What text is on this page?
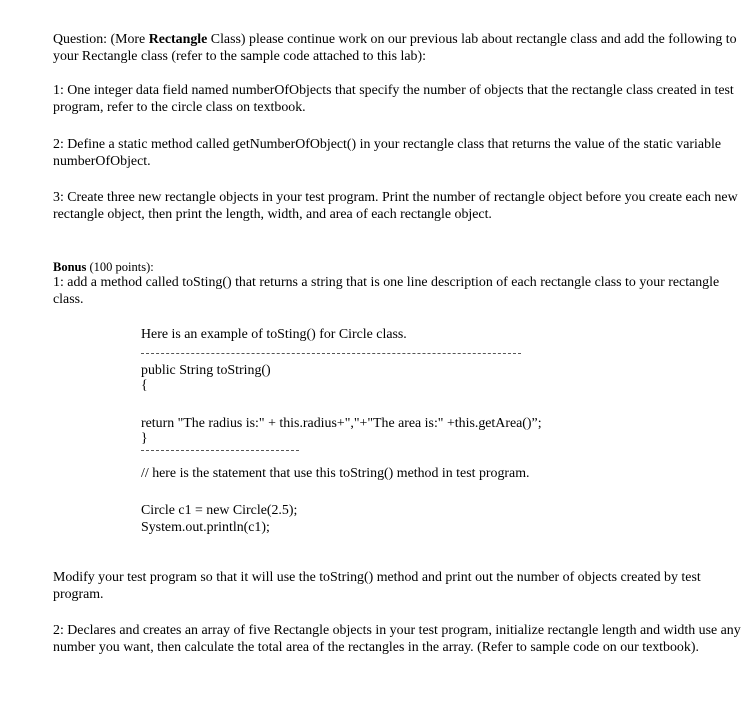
Question: (More Rectangle Class) please continue work on our previous lab about rectangle class and add the following to your Rectangle class (refer to the sample code attached to this lab):

1: One integer data field named numberOfObjects that specify the number of objects that the rectangle class created in test program, refer to the circle class on textbook.

2: Define a static method called getNumberOfObject() in your rectangle class that returns the value of the static variable numberOfObject.

3: Create three new rectangle objects in your test program. Print the number of rectangle object before you create each new rectangle object, then print the length, width, and area of each rectangle object.

Bonus (100 points):

1: add a method called toSting() that returns a string that is one line description of each rectangle class to your rectangle class.

Here is an example of toSting() for Circle class.

public String toString()

{

return "The radius is:" + this.radius+","+"The area is:" +this.getArea()”;

}

// here is the statement that use this toString() method in test program.

Circle c1 = new Circle(2.5);

System.out.println(c1);

Modify your test program so that it will use the toString() method and print out the number of objects created by test program.

2: Declares and creates an array of five Rectangle objects in your test program, initialize rectangle length and width use any number you want, then calculate the total area of the rectangles in the array. (Refer to sample code on our textbook).
